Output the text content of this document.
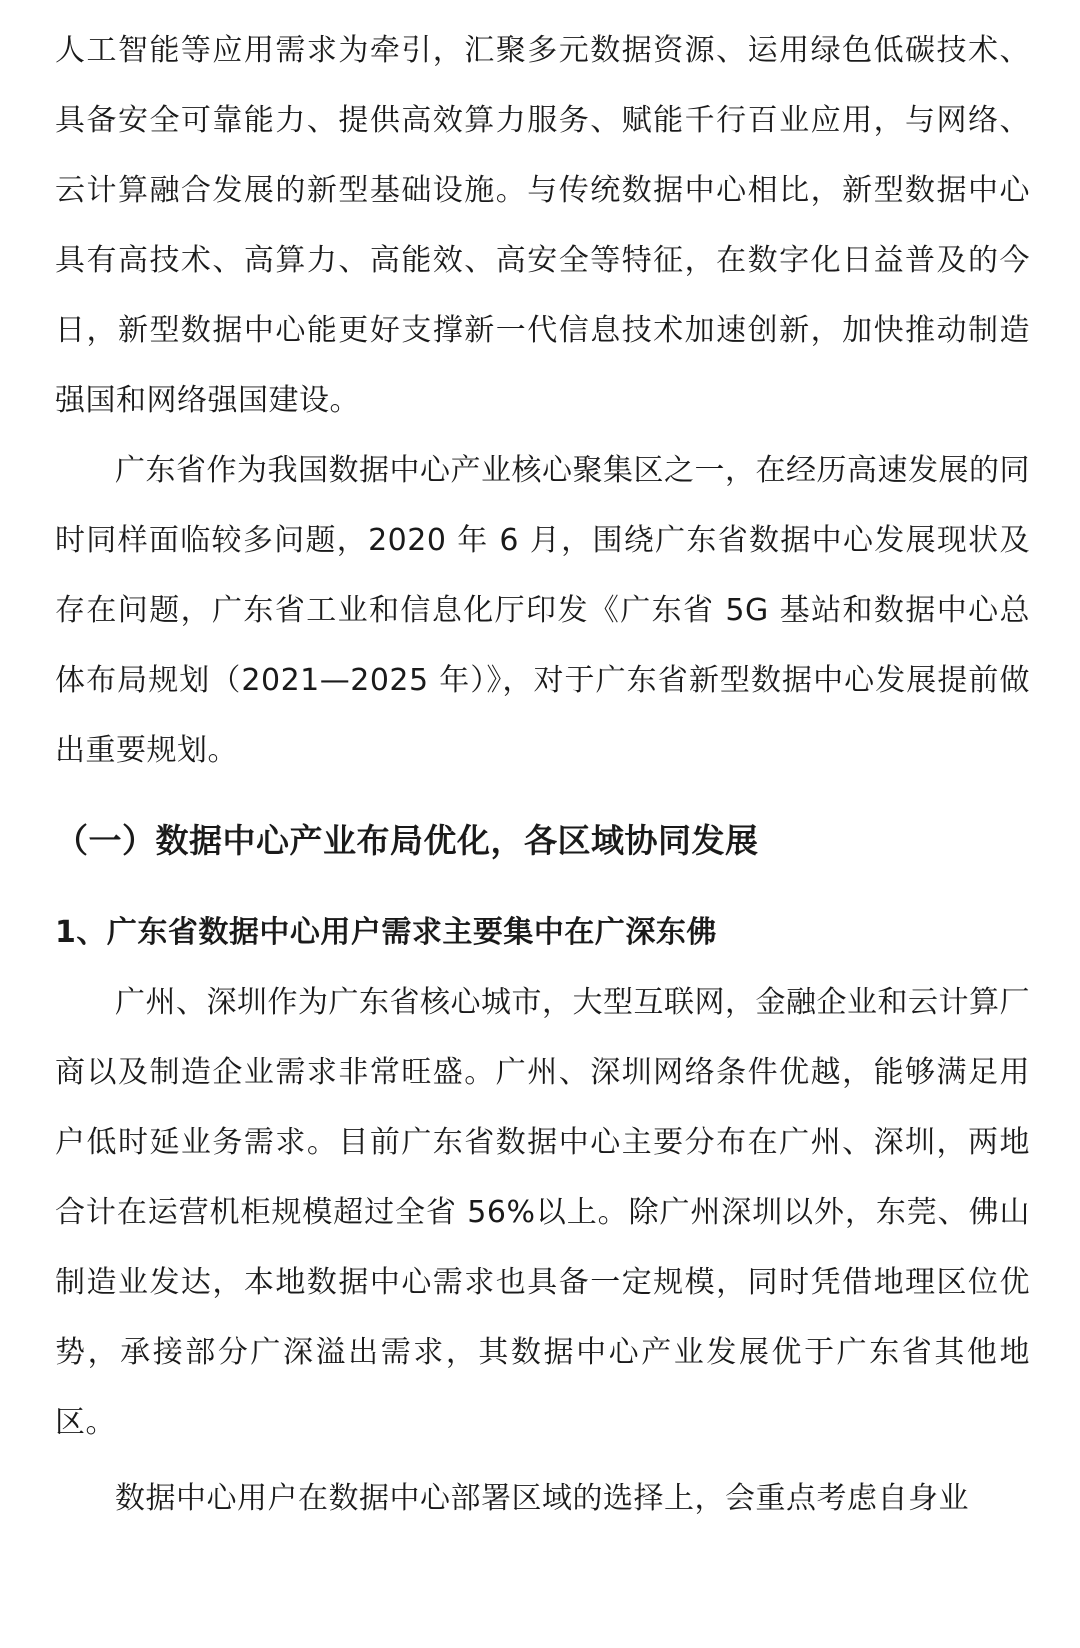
人工智能等应用需求为牵引，汇聚多元数据资源、运用绿色低碳技术、具备安全可靠能力、提供高效算力服务、赋能千行百业应用，与网络、云计算融合发展的新型基础设施。与传统数据中心相比，新型数据中心具有高技术、高算力、高能效、高安全等特征，在数字化日益普及的今日，新型数据中心能更好支撑新一代信息技术加速创新，加快推动制造强国和网络强国建设。

广东省作为我国数据中心产业核心聚集区之一，在经历高速发展的同时同样面临较多问题，2020 年 6 月，围绕广东省数据中心发展现状及存在问题，广东省工业和信息化厅印发《广东省 5G 基站和数据中心总体布局规划（2021—2025 年）》，对于广东省新型数据中心发展提前做出重要规划。

（一）数据中心产业布局优化，各区域协同发展
1、广东省数据中心用户需求主要集中在广深东佛

广州、深圳作为广东省核心城市，大型互联网，金融企业和云计算厂商以及制造企业需求非常旺盛。广州、深圳网络条件优越，能够满足用户低时延业务需求。目前广东省数据中心主要分布在广州、深圳，两地合计在运营机柜规模超过全省 56%以上。除广州深圳以外，东莞、佛山制造业发达，本地数据中心需求也具备一定规模，同时凭借地理区位优势，承接部分广深溢出需求，其数据中心产业发展优于广东省其他地区。

数据中心用户在数据中心部署区域的选择上，会重点考虑自身业
